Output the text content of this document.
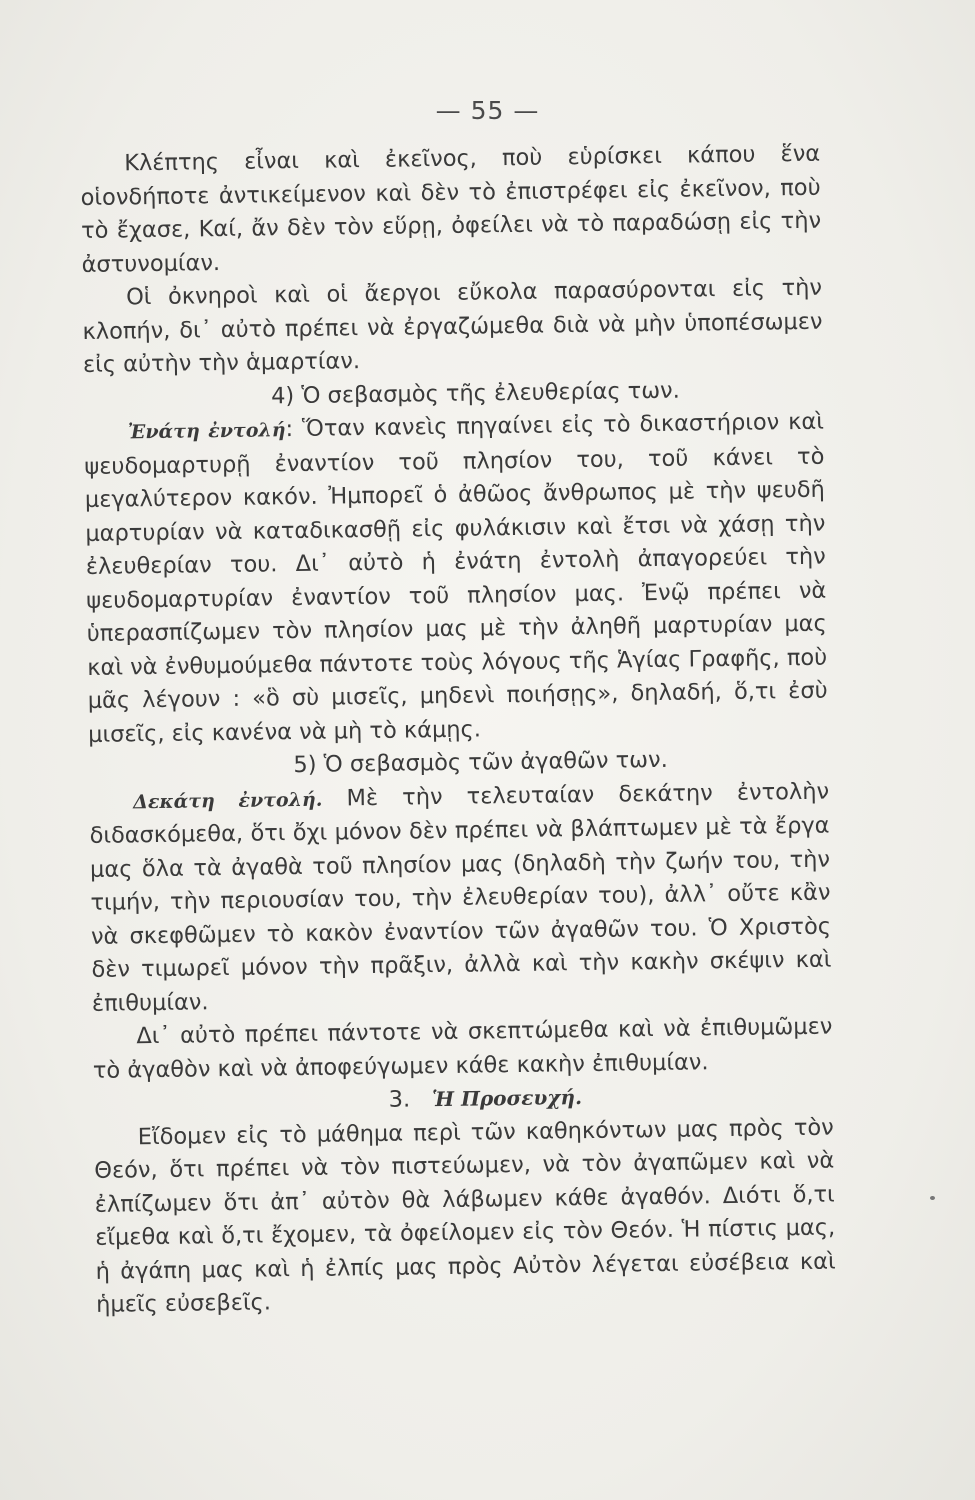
— 55 —

Κλέπτης εἶναι καὶ ἐκεῖνος, ποὺ εὑρίσκει κάπου ἕνα οἱονδήποτε ἀντικείμενον καὶ δὲν τὸ ἐπιστρέφει εἰς ἐκεῖνον, ποὺ τὸ ἔχασε, Καί, ἄν δὲν τὸν εὕρῃ, ὀφείλει νὰ τὸ παραδώσῃ εἰς τὴν ἀστυνομίαν.

Οἱ ὀκνηροὶ καὶ οἱ ἄεργοι εὔκολα παρασύρονται εἰς τὴν κλοπήν, δι᾽ αὐτὸ πρέπει νὰ ἐργαζώμεθα διὰ νὰ μὴν ὑποπέσωμεν εἰς αὐτὴν τὴν ἁμαρτίαν.

4) Ὁ σεβασμὸς τῆς ἐλευθερίας των.

Ἐνάτη ἐντολή: Ὅταν κανεὶς πηγαίνει εἰς τὸ δικαστήριον καὶ ψευδομαρτυρῇ ἐναντίον τοῦ πλησίον του, τοῦ κάνει τὸ μεγαλύτερον κακόν. Ἠμπορεῖ ὁ ἀθῶος ἄνθρωπος μὲ τὴν ψευδῆ μαρτυρίαν νὰ καταδικασθῇ εἰς φυλάκισιν καὶ ἔτσι νὰ χάσῃ τὴν ἐλευθερίαν του. Δι᾽ αὐτὸ ἡ ἐνάτη ἐντολὴ ἀπαγορεύει τὴν ψευδομαρτυρίαν ἐναντίον τοῦ πλησίον μας. Ἐνῷ πρέπει νὰ ὑπερασπίζωμεν τὸν πλησίον μας μὲ τὴν ἀληθῆ μαρτυρίαν μας καὶ νὰ ἐνθυμούμεθα πάντοτε τοὺς λόγους τῆς Ἁγίας Γραφῆς, ποὺ μᾶς λέγουν : «ὃ σὺ μισεῖς, μηδενὶ ποιήσῃς», δηλαδή, ὅ,τι ἐσὺ μισεῖς, εἰς κανένα νὰ μὴ τὸ κάμῃς.

5) Ὁ σεβασμὸς τῶν ἀγαθῶν των.

Δεκάτη ἐντολή. Μὲ τὴν τελευταίαν δεκάτην ἐντολὴν διδασκόμεθα, ὅτι ὄχι μόνον δὲν πρέπει νὰ βλάπτωμεν μὲ τὰ ἔργα μας ὅλα τὰ ἀγαθὰ τοῦ πλησίον μας (δηλαδὴ τὴν ζωήν του, τὴν τιμήν, τὴν περιουσίαν του, τὴν ἐλευθερίαν του), ἀλλ᾽ οὔτε κἂν νὰ σκεφθῶμεν τὸ κακὸν ἐναντίον τῶν ἀγαθῶν του. Ὁ Χριστὸς δὲν τιμωρεῖ μόνον τὴν πρᾶξιν, ἀλλὰ καὶ τὴν κακὴν σκέψιν καὶ ἐπιθυμίαν.

Δι᾽ αὐτὸ πρέπει πάντοτε νὰ σκεπτώμεθα καὶ νὰ ἐπιθυμῶμεν τὸ ἀγαθὸν καὶ νὰ ἀποφεύγωμεν κάθε κακὴν ἐπιθυμίαν.

3. Ἡ Προσευχή.

Εἴδομεν εἰς τὸ μάθημα περὶ τῶν καθηκόντων μας πρὸς τὸν Θεόν, ὅτι πρέπει νὰ τὸν πιστεύωμεν, νὰ τὸν ἀγαπῶμεν καὶ νὰ ἐλπίζωμεν ὅτι ἀπ᾽ αὐτὸν θὰ λάβωμεν κάθε ἀγαθόν. Διότι ὅ,τι εἴμεθα καὶ ὅ,τι ἔχομεν, τὰ ὀφείλομεν εἰς τὸν Θεόν. Ἡ πίστις μας, ἡ ἀγάπη μας καὶ ἡ ἐλπίς μας πρὸς Αὐτὸν λέγεται εὐσέβεια καὶ ἡμεῖς εὐσεβεῖς.
